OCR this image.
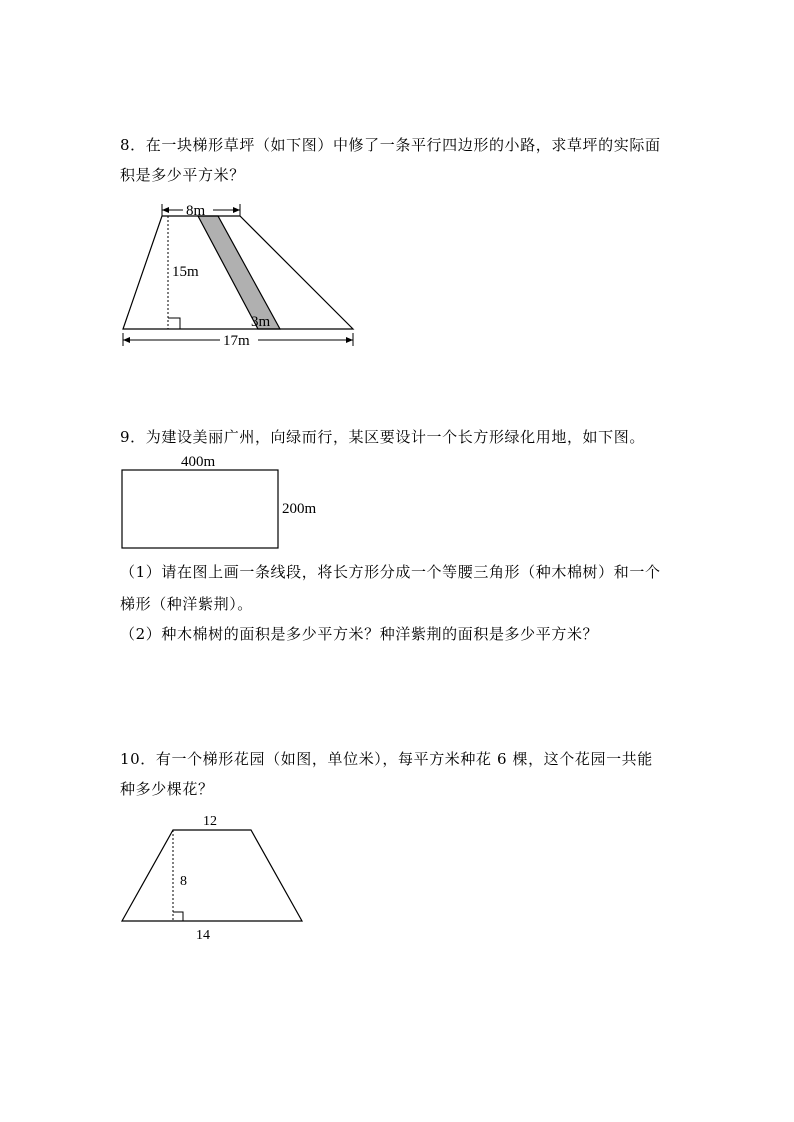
8．在一块梯形草坪（如下图）中修了一条平行四边形的小路，求草坪的实际面
积是多少平方米？
8m
15m
3m
17m
9．为建设美丽广州，向绿而行，某区要设计一个长方形绿化用地，如下图。
400m
200m
（1）请在图上画一条线段，将长方形分成一个等腰三角形（种木棉树）和一个
梯形（种洋紫荆）。
（2）种木棉树的面积是多少平方米？种洋紫荆的面积是多少平方米？
10．有一个梯形花园（如图，单位米），每平方米种花 6 棵，这个花园一共能
种多少棵花？
12
8
14
